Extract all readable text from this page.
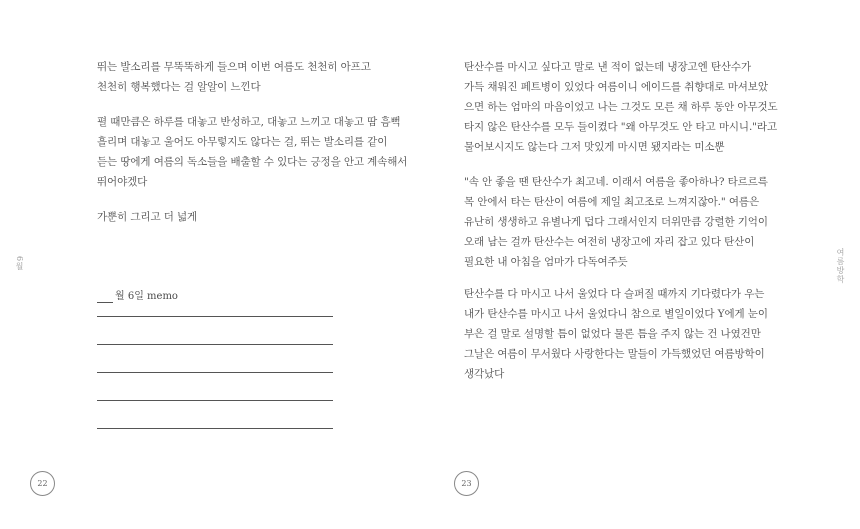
6월
뛰는 발소리를 무뚝뚝하게 들으며 이번 여름도 천천히 아프고
천천히 행복했다는 걸 알알이 느낀다
펼 때만큼은 하루를 대놓고 반성하고, 대놓고 느끼고 대놓고 땀 흠뻑
흘리며 대놓고 울어도 아무렇지도 않다는 걸, 뛰는 발소리를 같이
듣는 땅에게 여름의 독소들을 배출할 수 있다는 긍정을 안고 계속해서
뛰어야겠다
가뿐히 그리고 더 넓게
월 6일 memo
22
탄산수를 마시고 싶다고 말로 낸 적이 없는데 냉장고엔 탄산수가
가득 채워진 페트병이 있었다 여름이니 에이드를 취향대로 마셔보았
으면 하는 엄마의 마음이었고 나는 그것도 모른 채 하루 동안 아무것도
타지 않은 탄산수를 모두 들이켰다 "왜 아무것도 안 타고 마시니."라고
물어보시지도 않는다 그저 맛있게 마시면 됐지라는 미소뿐
"속 안 좋을 땐 탄산수가 최고네. 이래서 여름을 좋아하나? 타르르륵
목 안에서 타는 탄산이 여름에 제일 최고조로 느껴지잖아." 여름은
유난히 생생하고 유별나게 덥다 그래서인지 더위만큼 강렬한 기억이
오래 남는 걸까 탄산수는 여전히 냉장고에 자리 잡고 있다 탄산이
필요한 내 아침을 엄마가 다독여주듯
탄산수를 다 마시고 나서 울었다 다 슬퍼질 때까지 기다렸다가 우는
내가 탄산수를 마시고 나서 울었다니 참으로 별일이었다 Y에게 눈이
부은 걸 말로 설명할 틈이 없었다 물론 틈을 주지 않는 건 나였건만
그날은 여름이 무서웠다 사랑한다는 말들이 가득했었던 여름방학이
생각났다
여름방학
23
